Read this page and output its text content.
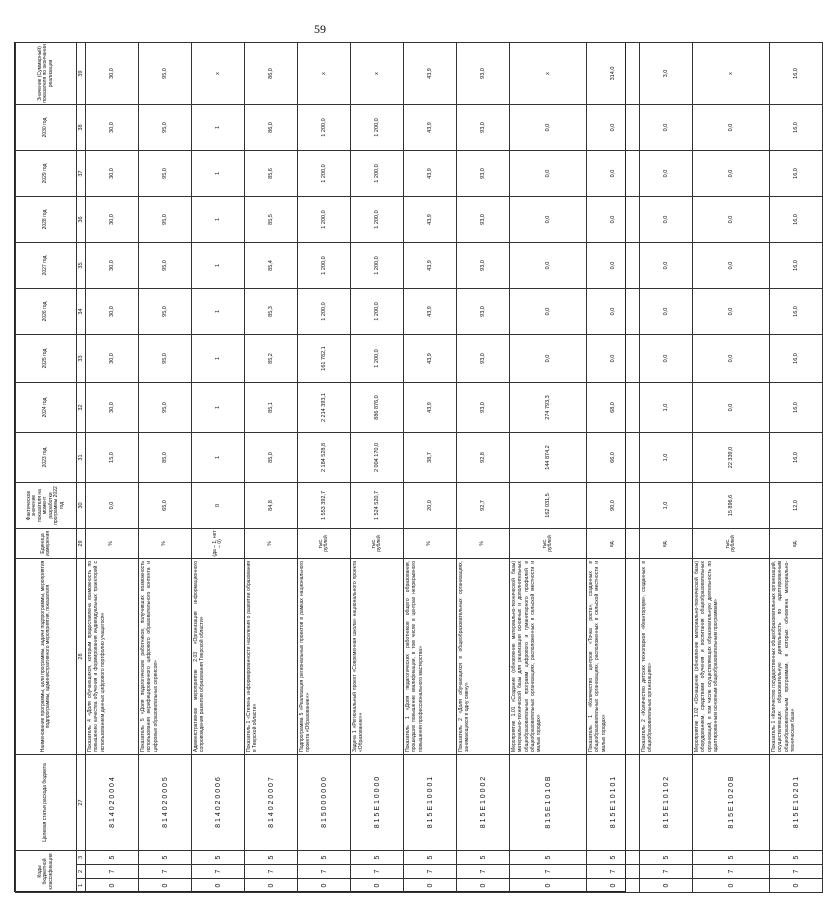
59
Коды бюджетной классификации			Целевая статья расхода бюджета	Наименование программы, цели программы, задачи подпрограммы, мероприятия подпрограммы, административного мероприятия, показателя	Единица измерения	Фактическое значение показателя на момент разработки программы 2022 год	2023 год	2024 год	2025 год	2026 год	2027 год	2028 год	2029 год	2030 год	Значение (Суммарный) показателя по окончании реализации
1	2	3	27	28	29	30	31	32	33	34	35	36	37	38	39
0	7	5	8 1 4 0 2 0 0 0 4	Показатель 4 «Доля обучающихся, которым предоставлена возможность по повышению качества обучения и формирования индивидуальных траекторий с использованием данных цифрового портфолио учащегося»	%	0,0	15,0	30,0	30,0	30,0	30,0	30,0	30,0	30,0	30,0
0	7	5	8 1 4 0 2 0 0 0 5	Показатель 5 «Доля педагогических работников, получивших возможность использования верифицированного цифрового образовательного контента и цифровых образовательных сервисов»	%	65,0	85,0	95,0	95,0	95,0	95,0	95,0	95,0	95,0	95,0
0	7	5	8 1 4 0 2 0 0 0 6	Административное мероприятие 2.03 «Организация информационного сопровождения развития образования Тверской области»	(да – 1, нет – 0)	0	1	1	1	1	1	1	1	1	x
0	7	5	8 1 4 0 2 0 0 0 7	Показатель 1 «Степень информированности населения о развитии образования в Тверской области»	%	84,8	85,0	85,1	85,2	85,3	85,4	85,5	85,6	86,0	86,0
0	7	5	8 1 5 0 0 0 0 0 0	Подпрограмма 5 «Реализация региональных проектов в рамках национального проекта «Образование»»	тыс. рублей	1 553 392,7	2 184 528,8	2 214 393,1	161 782,1	1 200,0	1 200,0	1 200,0	1 200,0	1 200,0	x
0	7	5	8 1 5 E 1 0 0 0 0	Задача 1 «Региональный проект «Современная школа» национального проекта «Образование»»	тыс. рублей	1 524 520,7	2 004 170,0	886 876,0	1 200,0	1 200,0	1 200,0	1 200,0	1 200,0	1 200,0	x
0	7	5	8 1 5 E 1 0 0 0 1	Показатель 1 «Доля педагогических работников общего образования, прошедших повышение квалификации, в том числе в центрах непрерывного повышения профессионального мастерства»	%	20,0	38,7	43,9	43,9	43,9	43,9	43,9	43,9	43,9	43,9
0	7	5	8 1 5 E 1 0 0 0 2	Показатель 2 «Доля обучающихся в общеобразовательных организациях, занимающихся в одну смену»	%	92,7	92,8	93,0	93,0	93,0	93,0	93,0	93,0	93,0	93,0
0	7	5	8 1 5 E 1 0 1 0 В	Мероприятие 1.01 «Создание (обновление материально-технической базы) материально-технической базы для реализации основных и дополнительных общеобразовательных программ цифрового и гуманитарного профилей в общеобразовательных организациях, расположенных в сельской местности и малых городах»	тыс. рублей	162 031,5	144 874,2	274 793,3	0,0	0,0	0,0	0,0	0,0	0,0	x
0	7	5	8 1 5 E 1 0 1 0 1	Показатель 1 «Количество центров «Точка роста», созданных в общеобразовательных организациях, расположенных в сельской местности и малых городах»	ед.	90,0	66,0	68,0	0,0	0,0	0,0	0,0	0,0	0,0	314,0
0	7	5	8 1 5 E 1 0 1 0 2	Показатель 2 «Количество детских технопарков «Кванториум», созданных в общеобразовательных организациях»	ед.	1,0	1,0	1,0	0,0	0,0	0,0	0,0	0,0	0,0	3,0
0	7	5	8 1 5 E 1 0 2 0 В	Мероприятие 1.02 «Оснащение (обновление материально-технической базы) оборудованием, средствами обучения и воспитания общеобразовательных организаций, в том числе осуществляющих образовательную деятельность по адаптированным основным общеобразовательным программам»	тыс. рублей	15 896,6	22 339,0	0,0	0,0	0,0	0,0	0,0	0,0	0,0	x
0	7	5	8 1 5 E 1 0 2 0 1	Показатель 1 «Количество государственных общеобразовательных организаций, осуществляющих образовательную деятельность по адаптированным общеобразовательным программам, в которых обновлена материально-техническая база»	ед.	12,0	16,0	16,0	16,0	16,0	16,0	16,0	16,0	16,0	16,0
